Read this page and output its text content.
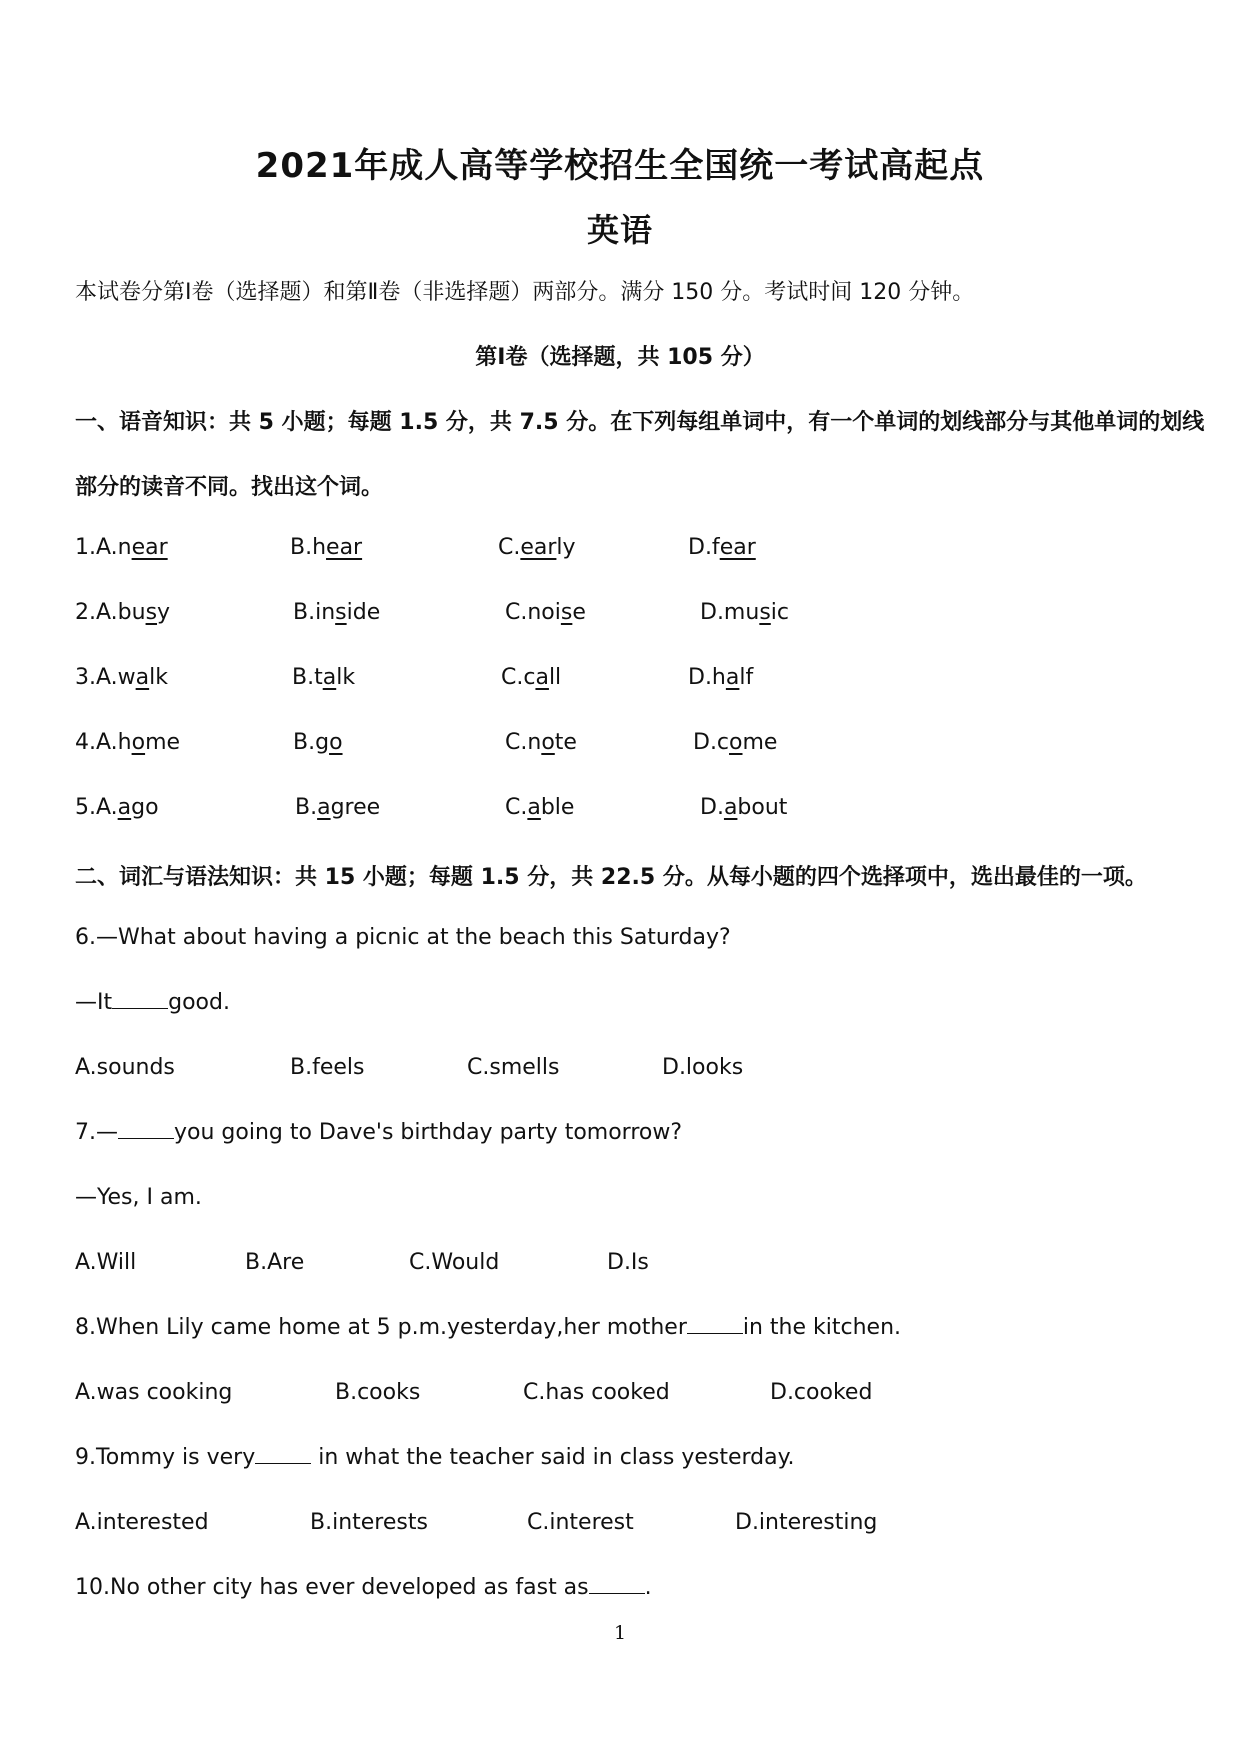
2021年成人高等学校招生全国统一考试高起点
英语
本试卷分第Ⅰ卷（选择题）和第Ⅱ卷（非选择题）两部分。满分 150 分。考试时间 120 分钟。
第Ⅰ卷（选择题，共 105 分）
一、语音知识：共 5 小题；每题 1.5 分，共 7.5 分。在下列每组单词中，有一个单词的划线部分与其他单词的划线
部分的读音不同。找出这个词。
1.A.near	B.hear	C.early	D.fear
2.A.busy	B.inside	C.noise	D.music
3.A.walk	B.talk	C.call	D.half
4.A.home	B.go	C.note	D.come
5.A.ago	B.agree	C.able	D.about
二、词汇与语法知识：共 15 小题；每题 1.5 分，共 22.5 分。从每小题的四个选择项中，选出最佳的一项。
6.—What about having a picnic at the beach this Saturday?
—It	good.
A.sounds	B.feels	C.smells	D.looks
7.—	you going to Dave's birthday party tomorrow?
—Yes, I am.
A.Will	B.Are	C.Would	D.Is
8.When Lily came home at 5 p.m.yesterday,her mother	in the kitchen.
A.was cooking	B.cooks	C.has cooked	D.cooked
9.Tommy is very	in what the teacher said in class yesterday.
A.interested	B.interests	C.interest	D.interesting
10.No other city has ever developed as fast as	.
1
